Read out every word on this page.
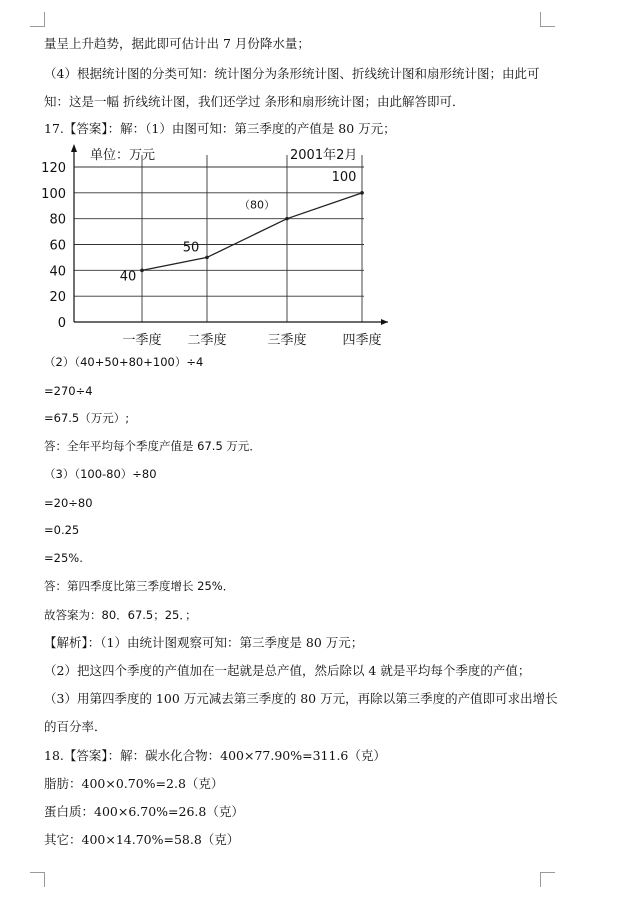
量呈上升趋势，据此即可估计出 7 月份降水量；
（4）根据统计图的分类可知：统计图分为条形统计图、折线统计图和扇形统计图；由此可
知：这是一幅 折线统计图，我们还学过 条形和扇形统计图；由此解答即可．
17.【答案】：解：（1）由图可知：第三季度的产值是 80 万元；
0
20
40
60
80
100
120
一季度 二季度	三季度	四季度
40
50
（80）
100
单位：万元	2001年2月
（2）（40+50+80+100）÷4
=270÷4
=67.5（万元）;
答：全年平均每个季度产值是 67.5 万元．
（3）（100-80）÷80
=20÷80
=0.25
=25%.
答：第四季度比第三季度增长 25%．
故答案为：80．67.5；25．；
【解析】：（1）由统计图观察可知：第三季度是 80 万元；
（2）把这四个季度的产值加在一起就是总产值，然后除以 4 就是平均每个季度的产值；
（3）用第四季度的 100 万元减去第三季度的 80 万元，再除以第三季度的产值即可求出增长
的百分率．
18.【答案】：解：碳水化合物：400×77.90%=311.6（克）
脂肪：400×0.70%=2.8（克）
蛋白质：400×6.70%=26.8（克）
其它：400×14.70%=58.8（克）
